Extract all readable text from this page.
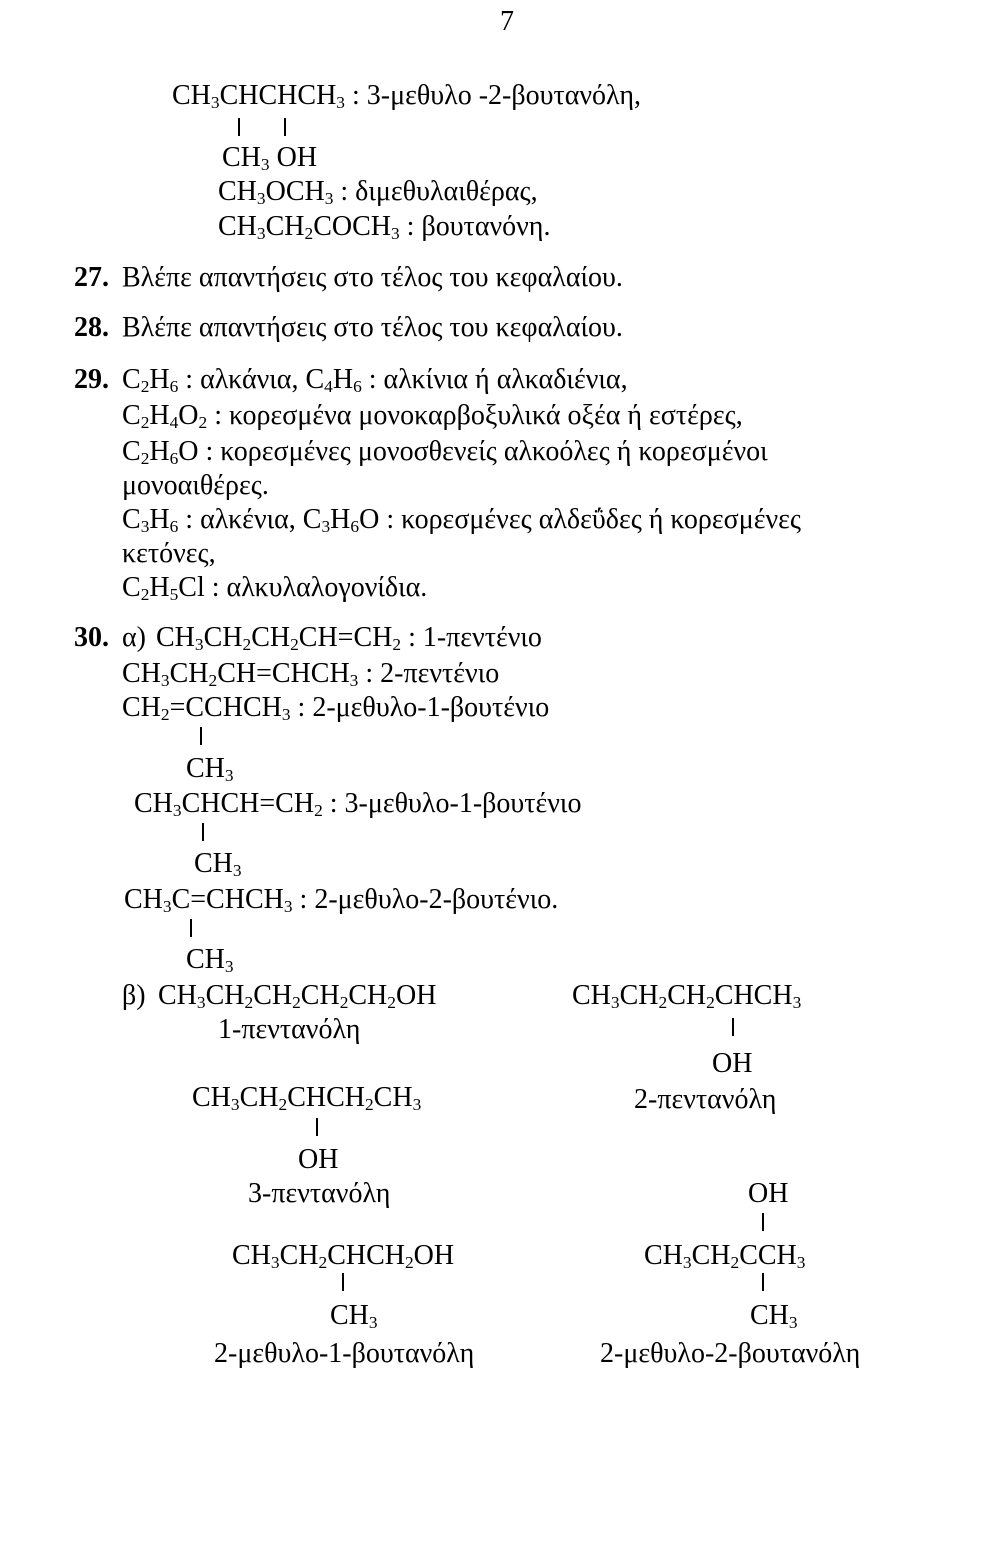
7
$CH_3CHCHCH_3$ : 3-μεθυλο -2-βουτανόλη,
$CH_3$ OH
$CH_3OCH_3$ : διμεθυλαιθέρας,
$CH_3CH_2COCH_3$ : βουτανόνη.
27. Βλέπε απαντήσεις στο τέλος του κεφαλαίου.
28. Βλέπε απαντήσεις στο τέλος του κεφαλαίου.
29. $C_2H_6$ : αλκάνια, $C_4H_6$ : αλκίνια ή αλκαδιένια,
$C_2H_4O_2$ : κορεσμένα μονοκαρβοξυλικά οξέα ή εστέρες,
$C_2H_6O$ : κορεσμένες μονοσθενείς αλκοόλες ή κορεσμένοι
μονοαιθέρες.
$C_3H_6$ : αλκένια, $C_3H_6O$ : κορεσμένες αλδεΰδες ή κορεσμένες
κετόνες,
$C_2H_5Cl$ : αλκυλαλογονίδια.
30. α) $CH_3CH_2CH_2CH=CH_2$ : 1-πεντένιο
$CH_3CH_2CH=CHCH_3$ : 2-πεντένιο
$CH_2=CCHCH_3$ : 2-μεθυλο-1-βουτένιο
$CH_3$
$CH_3CHCH=CH_2$ : 3-μεθυλο-1-βουτένιο
$CH_3$
$CH_3C=CHCH_3$ : 2-μεθυλο-2-βουτένιο.
$CH_3$
β) $CH_3CH_2CH_2CH_2CH_2OH$
1-πεντανόλη
$CH_3CH_2CH_2CHCH_3$
OH
2-πεντανόλη
$CH_3CH_2CHCH_2CH_3$
OH
3-πεντανόλη	OH
$CH_3CH_2CHCH_2OH$
$CH_3$
2-μεθυλο-1-βουτανόλη
$CH_3CH_2CCH_3$
$CH_3$
2-μεθυλο-2-βουτανόλη
